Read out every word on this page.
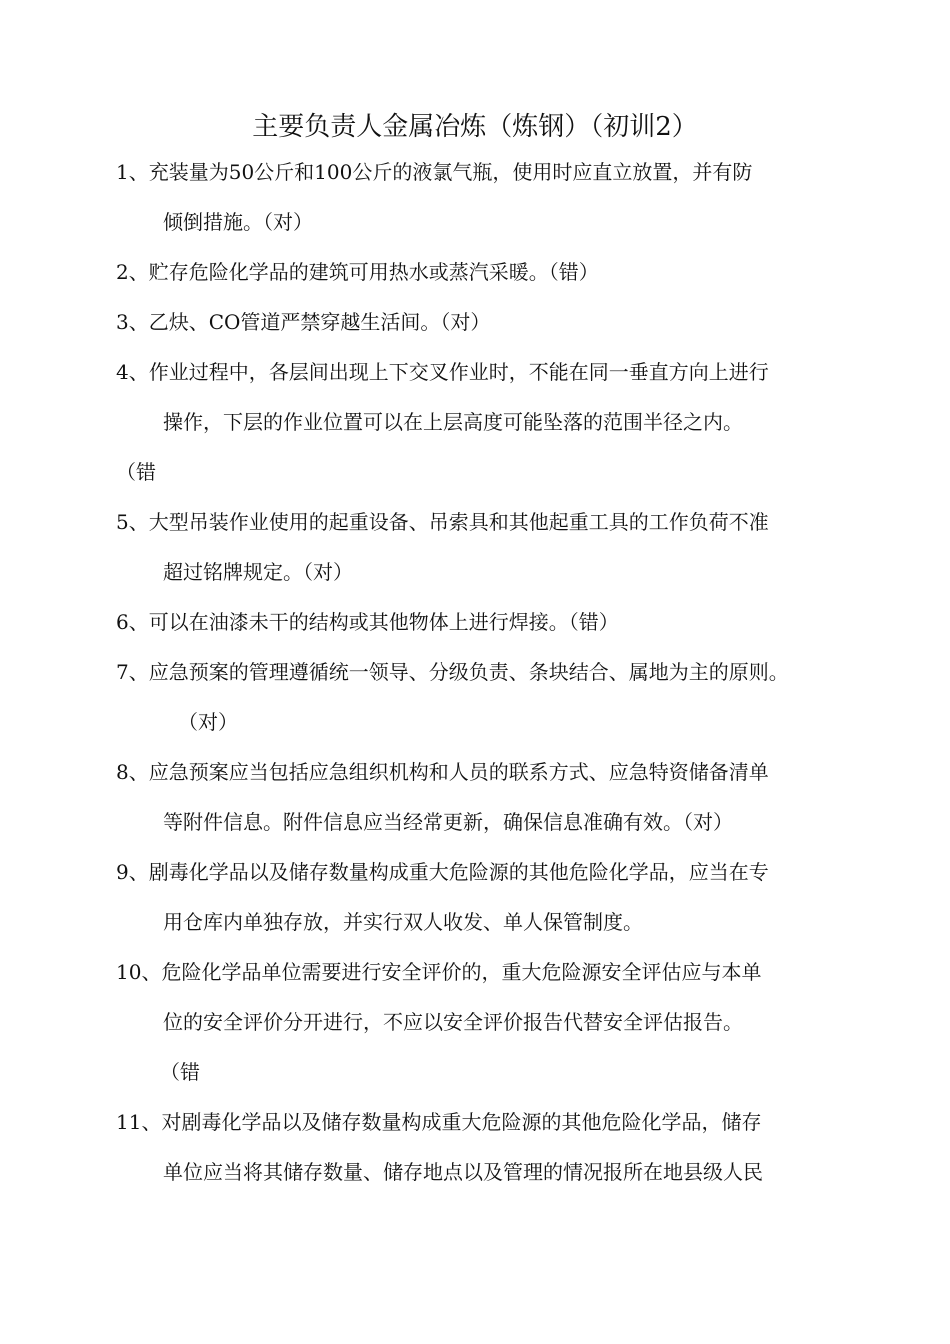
主要负责人金属冶炼（炼钢）（初训2）
1、充装量为50公斤和100公斤的液氯气瓶，使用时应直立放置，并有防
倾倒措施。（对）
2、贮存危险化学品的建筑可用热水或蒸汽采暖。（错）
3、乙炔、CO管道严禁穿越生活间。（对）
4、作业过程中，各层间出现上下交叉作业时，不能在同一垂直方向上进行
操作，下层的作业位置可以在上层高度可能坠落的范围半径之内。
（错
5、大型吊装作业使用的起重设备、吊索具和其他起重工具的工作负荷不准
超过铭牌规定。（对）
6、可以在油漆未干的结构或其他物体上进行焊接。（错）
7、应急预案的管理遵循统一领导、分级负责、条块结合、属地为主的原则。
（对）
8、应急预案应当包括应急组织机构和人员的联系方式、应急特资储备清单
等附件信息。附件信息应当经常更新，确保信息准确有效。（对）
9、剧毒化学品以及储存数量构成重大危险源的其他危险化学品，应当在专
用仓库内单独存放，并实行双人收发、单人保管制度。
10、危险化学品单位需要进行安全评价的，重大危险源安全评估应与本单
位的安全评价分开进行，不应以安全评价报告代替安全评估报告。
（错
11、对剧毒化学品以及储存数量构成重大危险源的其他危险化学品，储存
单位应当将其储存数量、储存地点以及管理的情况报所在地县级人民
